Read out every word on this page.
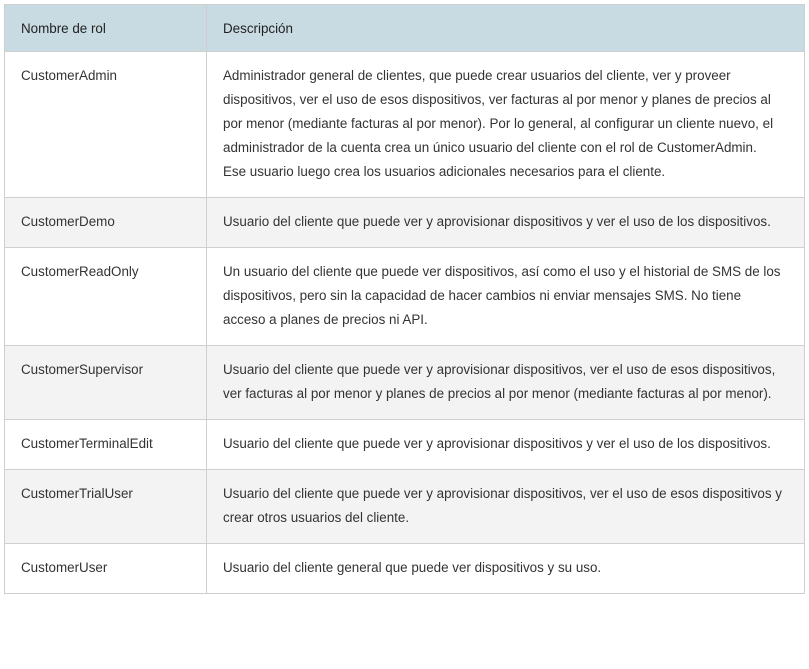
Nombre de rol	Descripción
CustomerAdmin	Administrador general de clientes, que puede crear usuarios del cliente, ver y proveer dispositivos, ver el uso de esos dispositivos, ver facturas al por menor y planes de precios al por menor (mediante facturas al por menor). Por lo general, al configurar un cliente nuevo, el administrador de la cuenta crea un único usuario del cliente con el rol de CustomerAdmin. Ese usuario luego crea los usuarios adicionales necesarios para el cliente.
CustomerDemo	Usuario del cliente que puede ver y aprovisionar dispositivos y ver el uso de los dispositivos.
CustomerReadOnly	Un usuario del cliente que puede ver dispositivos, así como el uso y el historial de SMS de los dispositivos, pero sin la capacidad de hacer cambios ni enviar mensajes SMS. No tiene acceso a planes de precios ni API.
CustomerSupervisor	Usuario del cliente que puede ver y aprovisionar dispositivos, ver el uso de esos dispositivos, ver facturas al por menor y planes de precios al por menor (mediante facturas al por menor).
CustomerTerminalEdit	Usuario del cliente que puede ver y aprovisionar dispositivos y ver el uso de los dispositivos.
CustomerTrialUser	Usuario del cliente que puede ver y aprovisionar dispositivos, ver el uso de esos dispositivos y crear otros usuarios del cliente.
CustomerUser	Usuario del cliente general que puede ver dispositivos y su uso.
